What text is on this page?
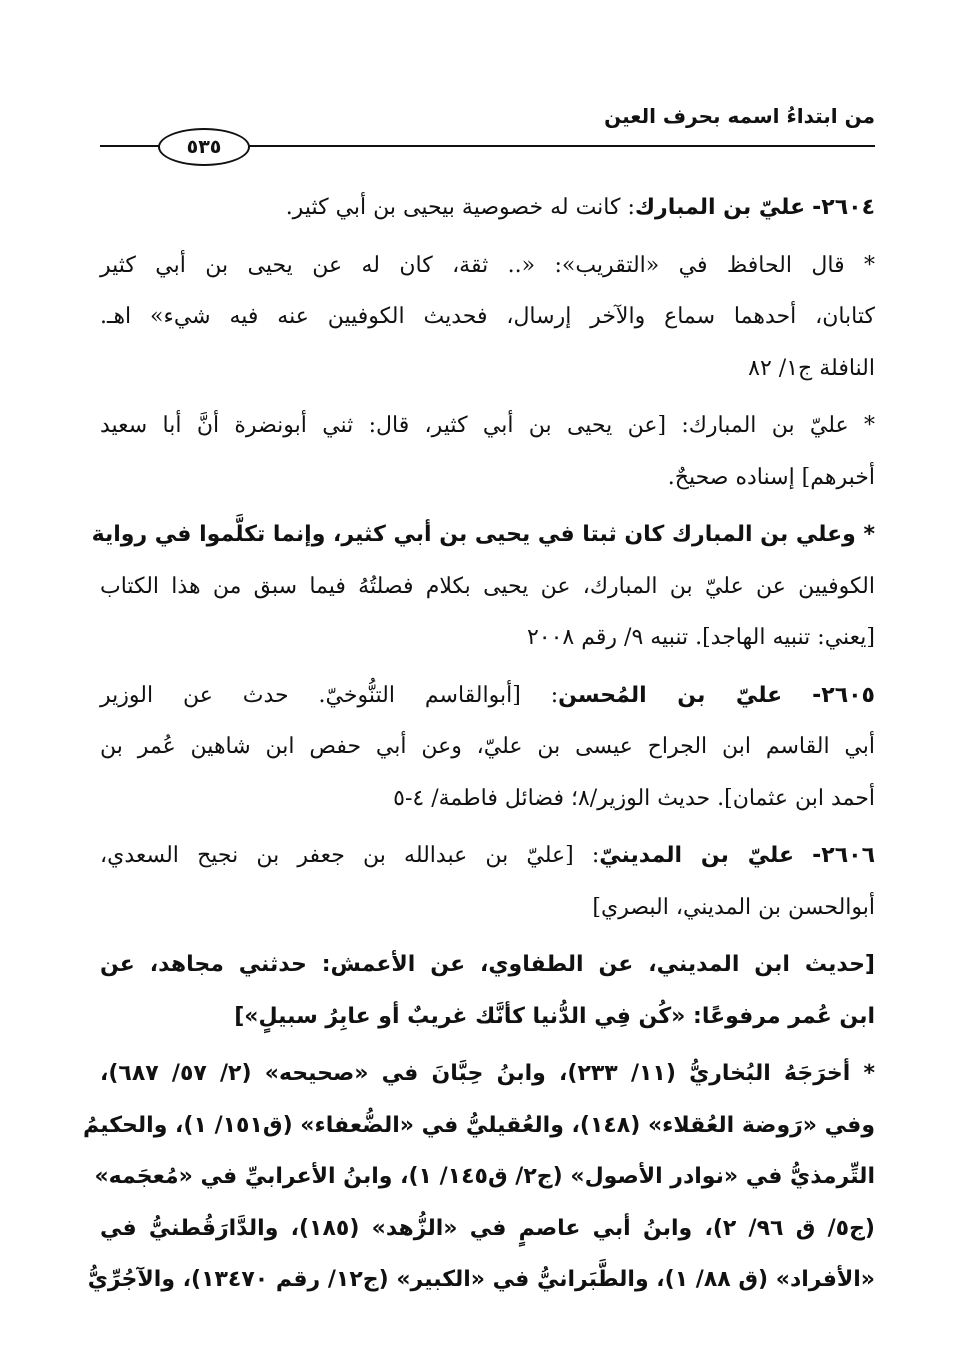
من ابتداءُ اسمه بحرف العين
٥٣٥
٢٦٠٤- عليّ بن المبارك: كانت له خصوصية بيحيى بن أبي كثير.
* قال الحافظ في «التقريب»: «.. ثقة، كان له عن يحيى بن أبي كثير
كتابان، أحدهما سماع والآخر إرسال، فحديث الكوفيين عنه فيه شيء» اهـ.
النافلة ج١/ ٨٢
* عليّ بن المبارك: [عن يحيى بن أبي كثير، قال: ثني أبونضرة أنَّ أبا سعيد
أخبرهم] إسناده صحيحٌ.
* وعلي بن المبارك كان ثبتا في يحيى بن أبي كثير، وإنما تكلَّموا في رواية
الكوفيين عن عليّ بن المبارك، عن يحيى بكلام فصلتُهُ فيما سبق من هذا الكتاب
[يعني: تنبيه الهاجد]. تنبيه ٩/ رقم ٢٠٠٨
٢٦٠٥- عليّ بن المُحسن: [أبوالقاسم التنُّوخيّ. حدث عن الوزير
أبي القاسم ابن الجراح عيسى بن عليّ، وعن أبي حفص ابن شاهين عُمر بن
أحمد ابن عثمان]. حديث الوزير/٨؛ فضائل فاطمة/ ٤-٥
٢٦٠٦- عليّ بن المدينيّ: [عليّ بن عبدالله بن جعفر بن نجيح السعدي،
أبوالحسن بن المديني، البصري]
[حديث ابن المديني، عن الطفاوي، عن الأعمش: حدثني مجاهد، عن
ابن عُمر مرفوعًا: «كُن فِي الدُّنيا كأنَّك غريبٌ أو عابِرُ سبيلٍ»]
* أخرَجَهُ البُخاريُّ (١١/ ٢٣٣)، وابنُ حِبَّانَ في «صحيحه» (٢/ ٥٧/ ٦٨٧)،
وفي «رَوضة العُقلاء» (١٤٨)، والعُقيليُّ في «الضُّعفاء» (ق١٥١/ ١)، والحكيمُ
التِّرمذيُّ في «نوادر الأصول» (ج٢/ ق١٤٥/ ١)، وابنُ الأعرابيِّ في «مُعجَمه»
(ج٥/ ق ٩٦/ ٢)، وابنُ أبي عاصمٍ في «الزُّهد» (١٨٥)، والدَّارَقُطنيُّ في
«الأفراد» (ق ٨٨/ ١)، والطَّبَرانيُّ في «الكبير» (ج١٢/ رقم ١٣٤٧٠)، والآجُرِّيُّ
